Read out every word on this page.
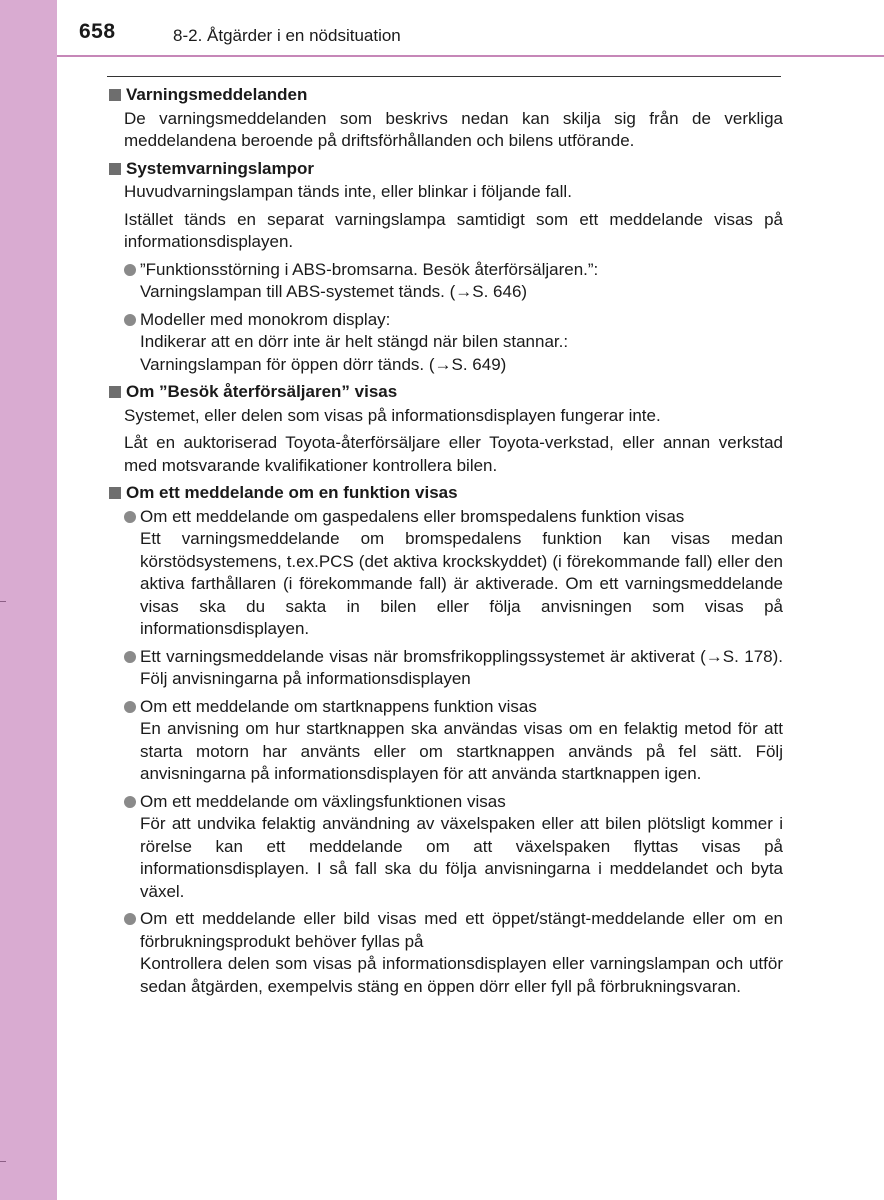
658	8-2. Åtgärder i en nödsituation
Varningsmeddelanden
De varningsmeddelanden som beskrivs nedan kan skilja sig från de verkliga meddelandena beroende på driftsförhållanden och bilens utförande.
Systemvarningslampor
Huvudvarningslampan tänds inte, eller blinkar i följande fall.
Istället tänds en separat varningslampa samtidigt som ett meddelande visas på informationsdisplayen.
”Funktionsstörning i ABS-bromsarna. Besök återförsäljaren.”:
Varningslampan till ABS-systemet tänds. (→S. 646)
Modeller med monokrom display:
Indikerar att en dörr inte är helt stängd när bilen stannar.:
Varningslampan för öppen dörr tänds. (→S. 649)
Om ”Besök återförsäljaren” visas
Systemet, eller delen som visas på informationsdisplayen fungerar inte.
Låt en auktoriserad Toyota-återförsäljare eller Toyota-verkstad, eller annan verkstad med motsvarande kvalifikationer kontrollera bilen.
Om ett meddelande om en funktion visas
Om ett meddelande om gaspedalens eller bromspedalens funktion visas
Ett varningsmeddelande om bromspedalens funktion kan visas medan körstödsystemens, t.ex.PCS (det aktiva krockskyddet) (i förekommande fall) eller den aktiva farthållaren (i förekommande fall) är aktiverade. Om ett varningsmeddelande visas ska du sakta in bilen eller följa anvisningen som visas på informationsdisplayen.
Ett varningsmeddelande visas när bromsfrikopplingssystemet är aktiverat (→S. 178). Följ anvisningarna på informationsdisplayen
Om ett meddelande om startknappens funktion visas
En anvisning om hur startknappen ska användas visas om en felaktig metod för att starta motorn har använts eller om startknappen används på fel sätt. Följ anvisningarna på informationsdisplayen för att använda startknappen igen.
Om ett meddelande om växlingsfunktionen visas
För att undvika felaktig användning av växelspaken eller att bilen plötsligt kommer i rörelse kan ett meddelande om att växelspaken flyttas visas på informationsdisplayen. I så fall ska du följa anvisningarna i meddelandet och byta växel.
Om ett meddelande eller bild visas med ett öppet/stängt-meddelande eller om en förbrukningsprodukt behöver fyllas på
Kontrollera delen som visas på informationsdisplayen eller varningslampan och utför sedan åtgärden, exempelvis stäng en öppen dörr eller fyll på förbrukningsvaran.
